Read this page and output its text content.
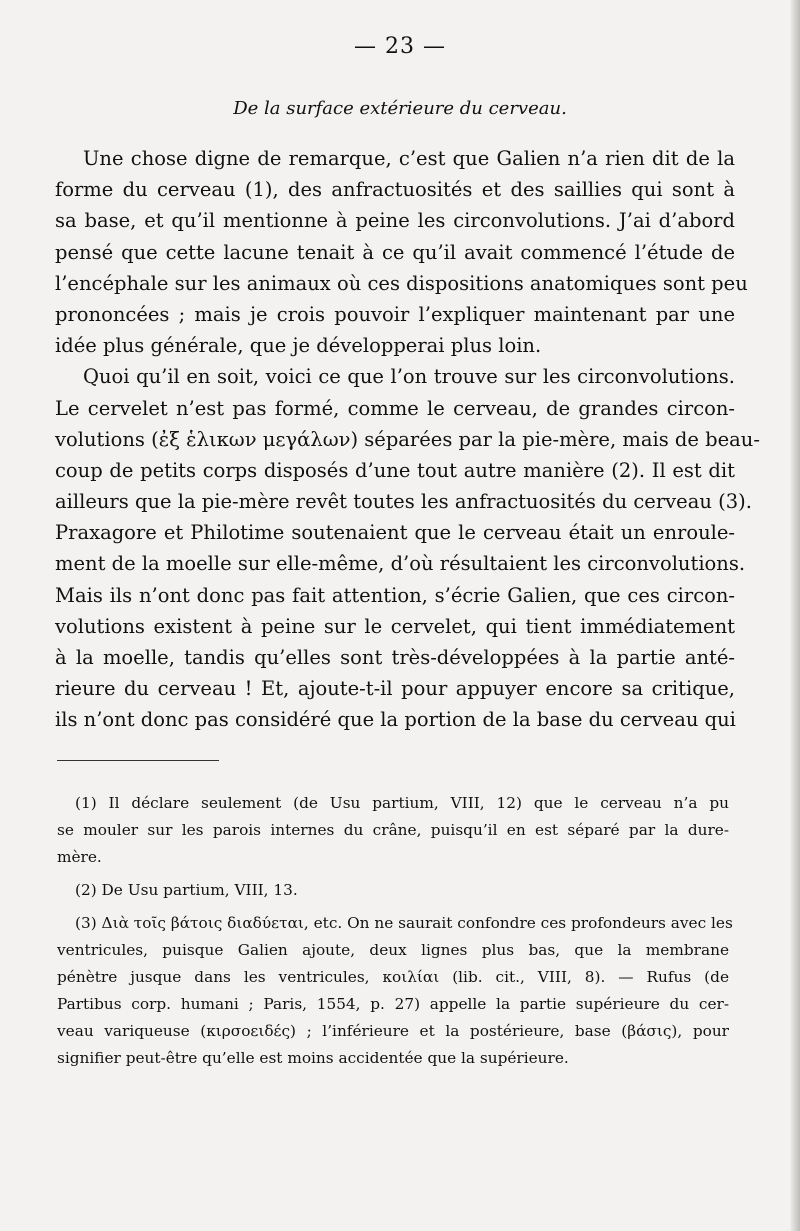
— 23 —
De la surface extérieure du cerveau.
Une chose digne de remarque, c’est que Galien n’a rien dit de la
forme du cerveau (1), des anfractuosités et des saillies qui sont à
sa base, et qu’il mentionne à peine les circonvolutions. J’ai d’abord
pensé que cette lacune tenait à ce qu’il avait commencé l’étude de
l’encéphale sur les animaux où ces dispositions anatomiques sont peu
prononcées ; mais je crois pouvoir l’expliquer maintenant par une
idée plus générale, que je développerai plus loin.
Quoi qu’il en soit, voici ce que l’on trouve sur les circonvolutions.
Le cervelet n’est pas formé, comme le cerveau, de grandes circon-
volutions (ἐξ ἑλικων μεγάλων) séparées par la pie-mère, mais de beau-
coup de petits corps disposés d’une tout autre manière (2). Il est dit
ailleurs que la pie-mère revêt toutes les anfractuosités du cerveau (3).
Praxagore et Philotime soutenaient que le cerveau était un enroule-
ment de la moelle sur elle-même, d’où résultaient les circonvolutions.
Mais ils n’ont donc pas fait attention, s’écrie Galien, que ces circon-
volutions existent à peine sur le cervelet, qui tient immédiatement
à la moelle, tandis qu’elles sont très-développées à la partie anté-
rieure du cerveau ! Et, ajoute-t-il pour appuyer encore sa critique,
ils n’ont donc pas considéré que la portion de la base du cerveau qui
(1) Il déclare seulement (de Usu partium, VIII, 12) que le cerveau n’a pu
se mouler sur les parois internes du crâne, puisqu’il en est séparé par la dure-
mère.
(2) De Usu partium, VIII, 13.
(3) Διὰ τοῖς βάτοις διαδύεται, etc. On ne saurait confondre ces profondeurs avec les
ventricules, puisque Galien ajoute, deux lignes plus bas, que la membrane
pénètre jusque dans les ventricules, κοιλίαι (lib. cit., VIII, 8). — Rufus (de
Partibus corp. humani ; Paris, 1554, p. 27) appelle la partie supérieure du cer-
veau variqueuse (κιρσοειδές) ; l’inférieure et la postérieure, base (βάσις), pour
signifier peut-être qu’elle est moins accidentée que la supérieure.
